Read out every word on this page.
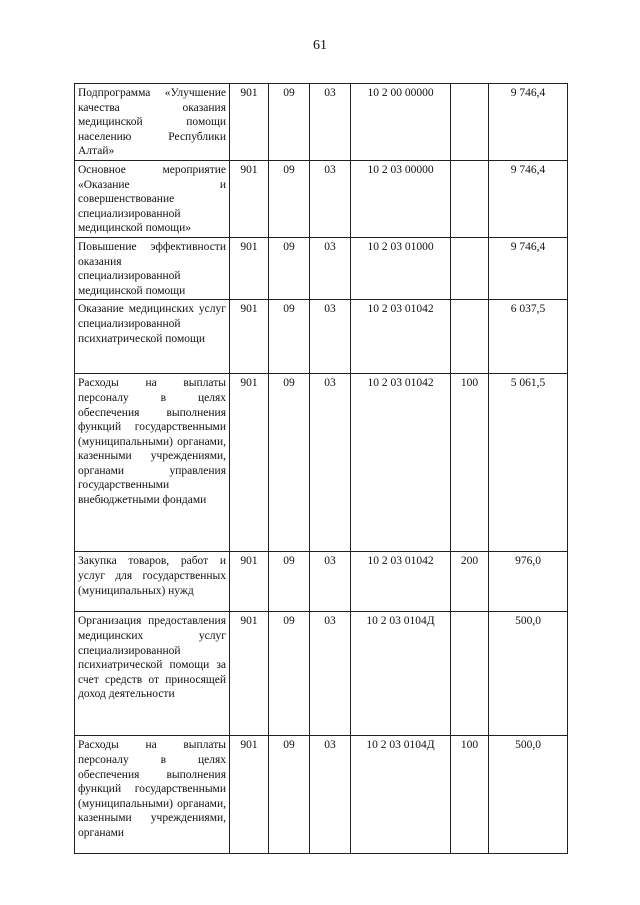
61
Подпрограмма «Улучшение качества оказания медицинской помощи населению Республики Алтай»	901	09	03	10 2 00 00000		9 746,4
Основное мероприятие «Оказание и совершенствование специализированной медицинской помощи»	901	09	03	10 2 03 00000		9 746,4
Повышение эффективности оказания специализированной медицинской помощи	901	09	03	10 2 03 01000		9 746,4
Оказание медицинских услуг специализированной психиатрической помощи	901	09	03	10 2 03 01042		6 037,5
Расходы на выплаты персоналу в целях обеспечения выполнения функций государственными (муниципальными) органами, казенными учреждениями, органами управления государственными внебюджетными фондами	901	09	03	10 2 03 01042	100	5 061,5
Закупка товаров, работ и услуг для государственных (муниципальных) нужд	901	09	03	10 2 03 01042	200	976,0
Организация предоставления медицинских услуг специализированной психиатрической помощи за счет средств от приносящей доход деятельности	901	09	03	10 2 03 0104Д		500,0
Расходы на выплаты персоналу в целях обеспечения выполнения функций государственными (муниципальными) органами, казенными учреждениями, органами	901	09	03	10 2 03 0104Д	100	500,0
